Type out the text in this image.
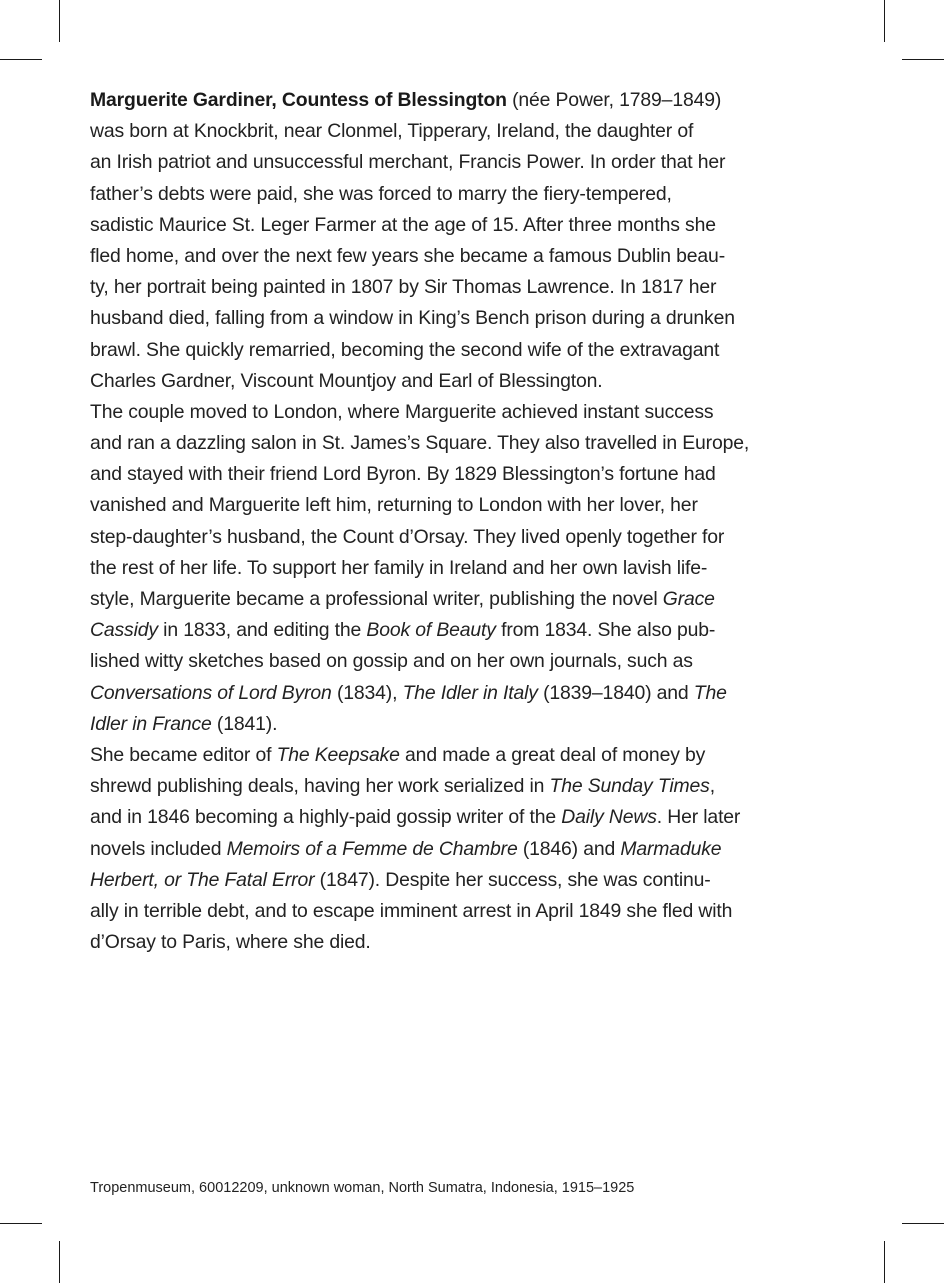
Marguerite Gardiner, Countess of Blessington (née Power, 1789–1849)
was born at Knockbrit, near Clonmel, Tipperary, Ireland, the daughter of
an Irish patriot and unsuccessful merchant, Francis Power. In order that her
father’s debts were paid, she was forced to marry the fiery-tempered,
sadistic Maurice St. Leger Farmer at the age of 15. After three months she
fled home, and over the next few years she became a famous Dublin beau-
ty, her portrait being painted in 1807 by Sir Thomas Lawrence. In 1817 her
husband died, falling from a window in King’s Bench prison during a drunken
brawl. She quickly remarried, becoming the second wife of the extravagant
Charles Gardner, Viscount Mountjoy and Earl of Blessington.
The couple moved to London, where Marguerite achieved instant success
and ran a dazzling salon in St. James’s Square. They also travelled in Europe,
and stayed with their friend Lord Byron. By 1829 Blessington’s fortune had
vanished and Marguerite left him, returning to London with her lover, her
step-daughter’s husband, the Count d’Orsay. They lived openly together for
the rest of her life. To support her family in Ireland and her own lavish life-
style, Marguerite became a professional writer, publishing the novel Grace
Cassidy in 1833, and editing the Book of Beauty from 1834. She also pub-
lished witty sketches based on gossip and on her own journals, such as
Conversations of Lord Byron (1834), The Idler in Italy (1839–1840) and The
Idler in France (1841).
She became editor of The Keepsake and made a great deal of money by
shrewd publishing deals, having her work serialized in The Sunday Times,
and in 1846 becoming a highly-paid gossip writer of the Daily News. Her later
novels included Memoirs of a Femme de Chambre (1846) and Marmaduke
Herbert, or The Fatal Error (1847). Despite her success, she was continu-
ally in terrible debt, and to escape imminent arrest in April 1849 she fled with
d’Orsay to Paris, where she died.
Tropenmuseum, 60012209, unknown woman, North Sumatra, Indonesia, 1915–1925
